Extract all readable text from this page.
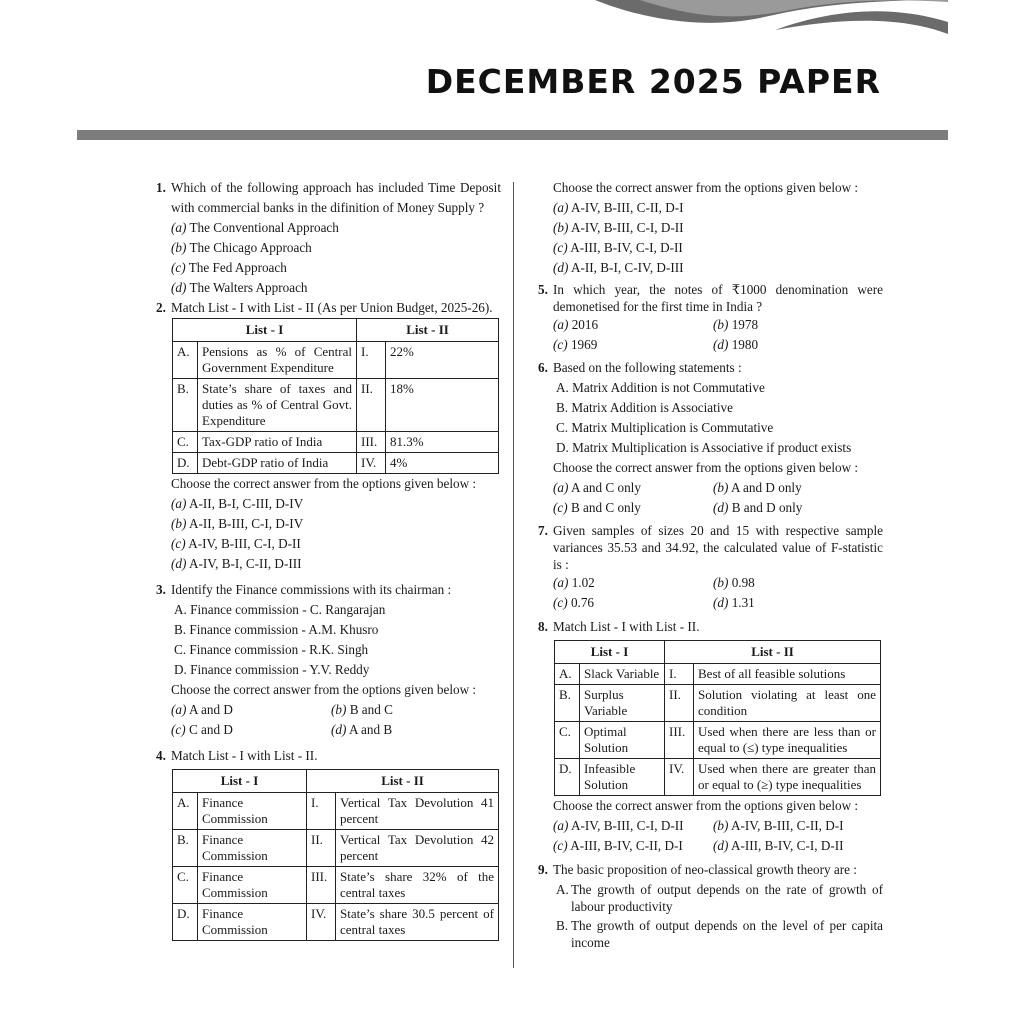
DECEMBER 2025 PAPER
1. Which of the following approach has included Time Deposit with commercial banks in the difinition of Money Supply ?
(a) The Conventional Approach
(b) The Chicago Approach
(c) The Fed Approach
(d) The Walters Approach
2. Match List - I with List - II (As per Union Budget, 2025-26).
List - I		List - II	
A.	Pensions as % of Central Government Expenditure	I.	22%
B.	State’s share of taxes and duties as % of Central Govt. Expenditure	II.	18%
C.	Tax-GDP ratio of India	III.	81.3%
D.	Debt-GDP ratio of India	IV.	4%
Choose the correct answer from the options given below :
(a) A-II, B-I, C-III, D-IV
(b) A-II, B-III, C-I, D-IV
(c) A-IV, B-III, C-I, D-II
(d) A-IV, B-I, C-II, D-III
3. Identify the Finance commissions with its chairman :
A. Finance commission - C. Rangarajan
B. Finance commission - A.M. Khusro
C. Finance commission - R.K. Singh
D. Finance commission - Y.V. Reddy
Choose the correct answer from the options given below :
(a) A and D	(b) B and C
(c) C and D	(d) A and B
4. Match List - I with List - II.
List - I		List - II	
A.	Finance Commission	I.	Vertical Tax Devolution 41 percent
B.	Finance Commission	II.	Vertical Tax Devolution 42 percent
C.	Finance Commission	III.	State’s share 32% of the central taxes
D.	Finance Commission	IV.	State’s share 30.5 percent of central taxes
Choose the correct answer from the options given below :
(a) A-IV, B-III, C-II, D-I
(b) A-IV, B-III, C-I, D-II
(c) A-III, B-IV, C-I, D-II
(d) A-II, B-I, C-IV, D-III
5. In which year, the notes of ₹1000 denomination were demonetised for the first time in India ?
(a) 2016	(b) 1978
(c) 1969	(d) 1980
6. Based on the following statements :
A. Matrix Addition is not Commutative
B. Matrix Addition is Associative
C. Matrix Multiplication is Commutative
D. Matrix Multiplication is Associative if product exists
Choose the correct answer from the options given below :
(a) A and C only	(b) A and D only
(c) B and C only	(d) B and D only
7. Given samples of sizes 20 and 15 with respective sample variances 35.53 and 34.92, the calculated value of F-statistic is :
(a) 1.02	(b) 0.98
(c) 0.76	(d) 1.31
8. Match List - I with List - II.
List - I		List - II	
A.	Slack Variable	I.	Best of all feasible solutions
B.	Surplus Variable	II.	Solution violating at least one condition
C.	Optimal Solution	III.	Used when there are less than or equal to (≤) type inequalities
D.	Infeasible Solution	IV.	Used when there are greater than or equal to (≥) type inequalities
Choose the correct answer from the options given below :
(a) A-IV, B-III, C-I, D-II	(b) A-IV, B-III, C-II, D-I
(c) A-III, B-IV, C-II, D-I	(d) A-III, B-IV, C-I, D-II
9. The basic proposition of neo-classical growth theory are :
A. The growth of output depends on the rate of growth of labour productivity
B. The growth of output depends on the level of per capita income
